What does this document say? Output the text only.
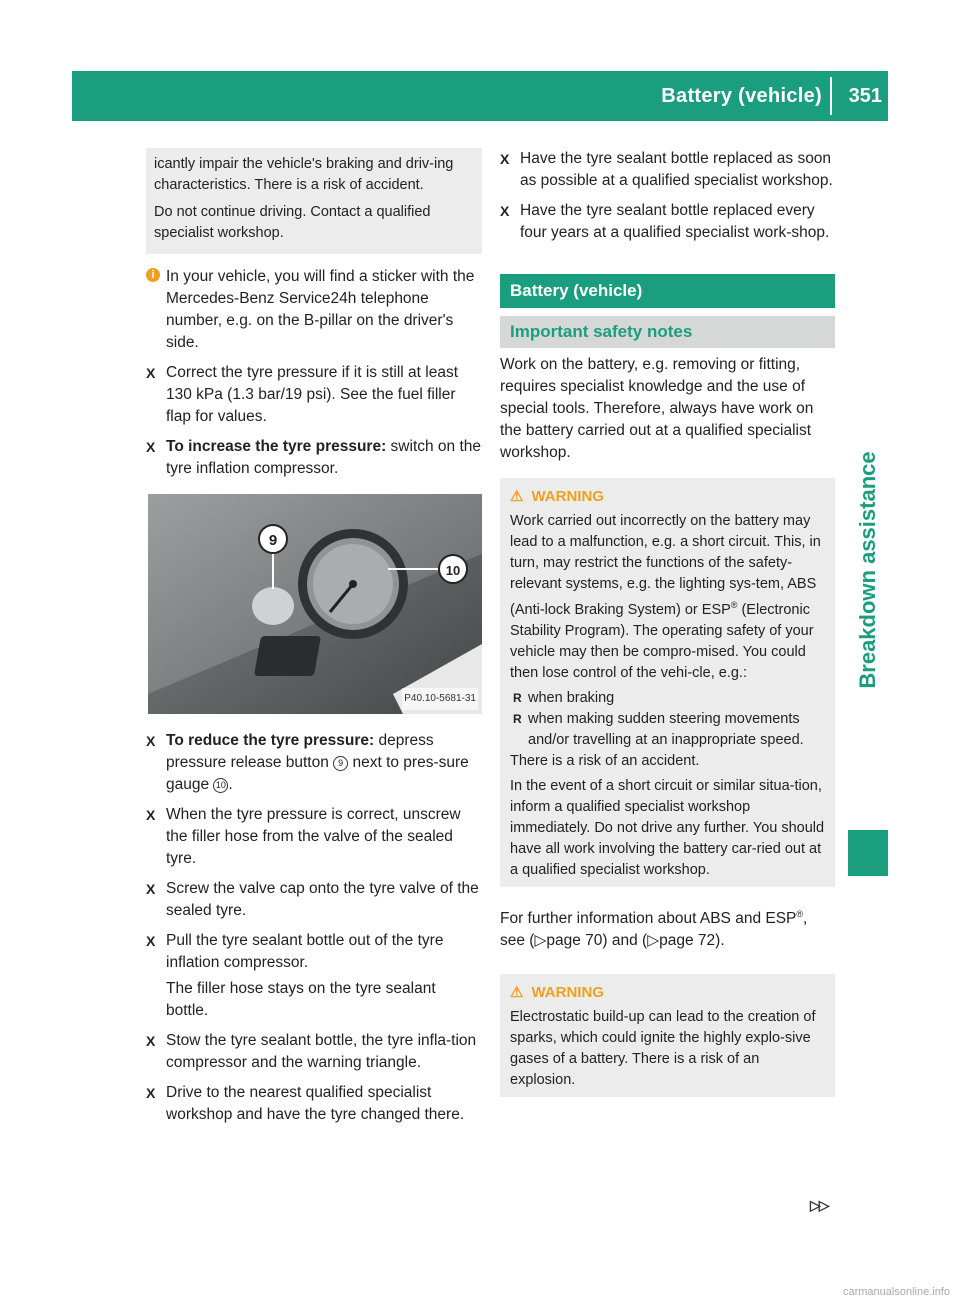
Battery (vehicle) 351
Breakdown assistance

icantly impair the vehicle's braking and driv-ing characteristics. There is a risk of accident.

Do not continue driving. Contact a qualified specialist workshop.

i In your vehicle, you will find a sticker with the Mercedes-Benz Service24h telephone number, e.g. on the B-pillar on the driver's side.
X Correct the tyre pressure if it is still at least 130 kPa (1.3 bar/19 psi). See the fuel filler flap for values.
X To increase the tyre pressure: switch on the tyre inflation compressor.
9
10
P40.10-5681-31
X To reduce the tyre pressure: depress pressure release button 9 next to pres-sure gauge 10 .
X When the tyre pressure is correct, unscrew the filler hose from the valve of the sealed tyre.
X Screw the valve cap onto the tyre valve of the sealed tyre.
X Pull the tyre sealant bottle out of the tyre inflation compressor.
The filler hose stays on the tyre sealant bottle.
X Stow the tyre sealant bottle, the tyre infla-tion compressor and the warning triangle.
X Drive to the nearest qualified specialist workshop and have the tyre changed there.
X Have the tyre sealant bottle replaced as soon as possible at a qualified specialist workshop.
X Have the tyre sealant bottle replaced every four years at a qualified specialist work-shop.
Battery (vehicle)
Important safety notes
Work on the battery, e.g. removing or fitting, requires specialist knowledge and the use of special tools. Therefore, always have work on the battery carried out at a qualified specialist workshop.
⚠ WARNING
Work carried out incorrectly on the battery may lead to a malfunction, e.g. a short circuit. This, in turn, may restrict the functions of the safety-relevant systems, e.g. the lighting sys-tem, ABS (Anti-lock Braking System) or ESP® (Electronic Stability Program). The operating safety of your vehicle may then be compro-mised. You could then lose control of the vehi-cle, e.g.:
R when braking
R when making sudden steering movements and/or travelling at an inappropriate speed.
There is a risk of an accident.
In the event of a short circuit or similar situa-tion, inform a qualified specialist workshop immediately. Do not drive any further. You should have all work involving the battery car-ried out at a qualified specialist workshop.
For further information about ABS and ESP®, see (▷page 70) and (▷page 72).
⚠ WARNING
Electrostatic build-up can lead to the creation of sparks, which could ignite the highly explo-sive gases of a battery. There is a risk of an explosion.
▷▷
carmanualsonline.info
